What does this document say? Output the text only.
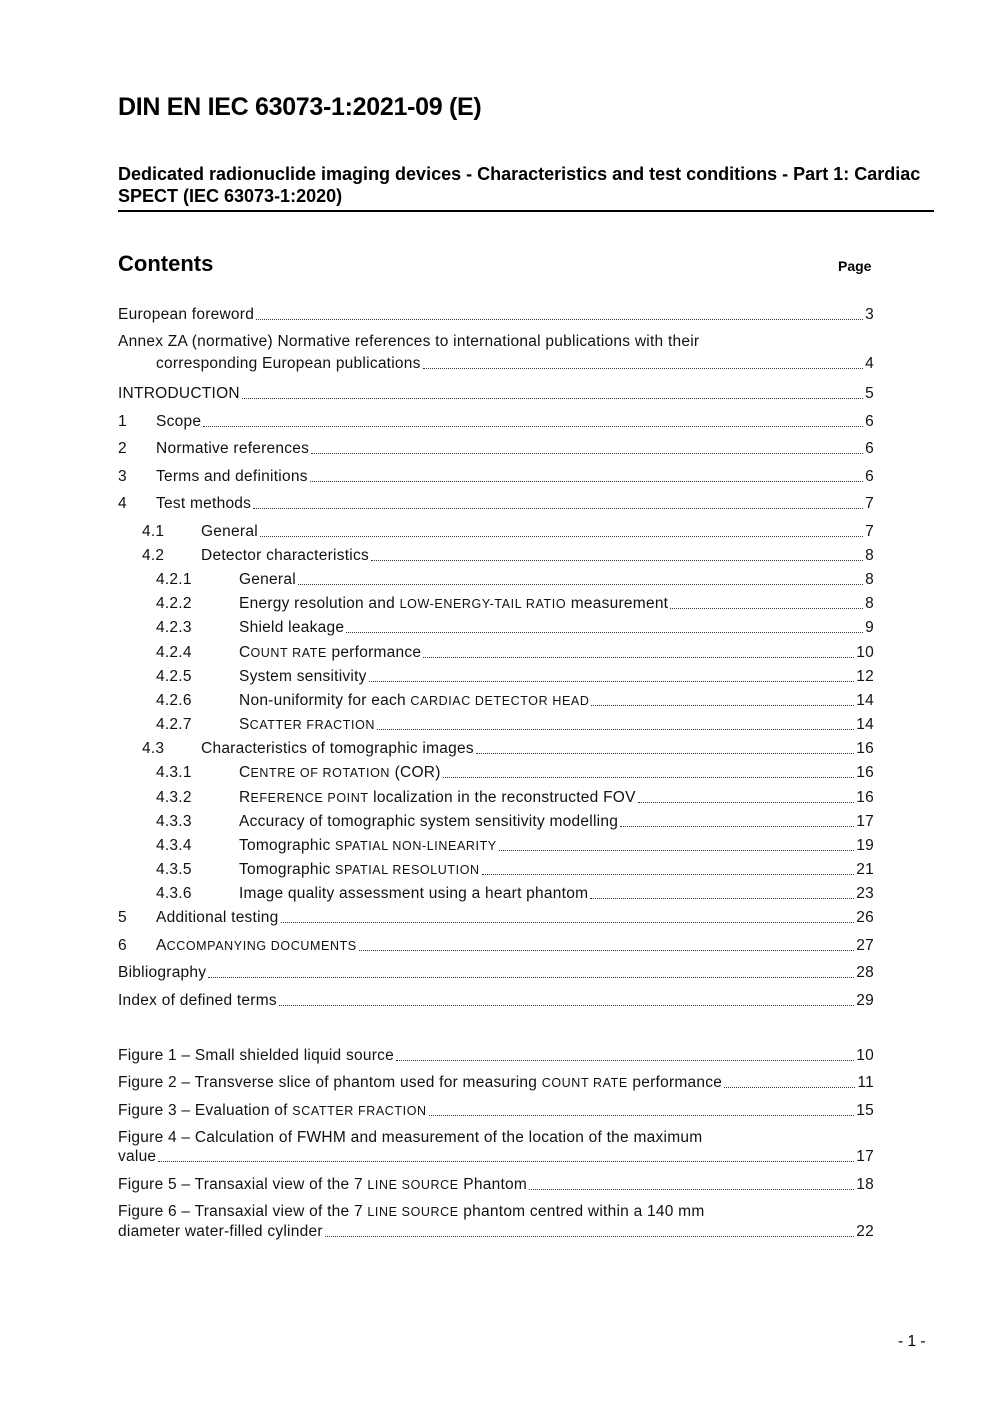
DIN EN IEC 63073-1:2021-09 (E)
Dedicated radionuclide imaging devices - Characteristics and test conditions - Part 1: Cardiac SPECT (IEC 63073-1:2020)
Contents	Page
European foreword	3
Annex ZA (normative) Normative references to international publications with their
corresponding European publications	4
INTRODUCTION	5
1	Scope	6
2	Normative references	6
3	Terms and definitions	6
4	Test methods	7
4.1	General	7
4.2	Detector characteristics	8
4.2.1	General	8
4.2.2	Energy resolution and LOW-ENERGY-TAIL RATIO measurement	8
4.2.3	Shield leakage	9
4.2.4	COUNT RATE performance	10
4.2.5	System sensitivity	12
4.2.6	Non-uniformity for each CARDIAC DETECTOR HEAD	14
4.2.7	SCATTER FRACTION	14
4.3	Characteristics of tomographic images	16
4.3.1	CENTRE OF ROTATION (COR)	16
4.3.2	REFERENCE POINT localization in the reconstructed FOV	16
4.3.3	Accuracy of tomographic system sensitivity modelling	17
4.3.4	Tomographic SPATIAL NON-LINEARITY	19
4.3.5	Tomographic SPATIAL RESOLUTION	21
4.3.6	Image quality assessment using a heart phantom	23
5	Additional testing	26
6	ACCOMPANYING DOCUMENTS	27
Bibliography	28
Index of defined terms	29
Figure 1 – Small shielded liquid source	10
Figure 2 – Transverse slice of phantom used for measuring COUNT RATE performance	11
Figure 3 – Evaluation of SCATTER FRACTION	15
Figure 4 – Calculation of FWHM and measurement of the location of the maximum
value	17
Figure 5 – Transaxial view of the 7 LINE SOURCE Phantom	18
Figure 6 – Transaxial view of the 7 LINE SOURCE phantom centred within a 140 mm
diameter water-filled cylinder	22
- 1 -
